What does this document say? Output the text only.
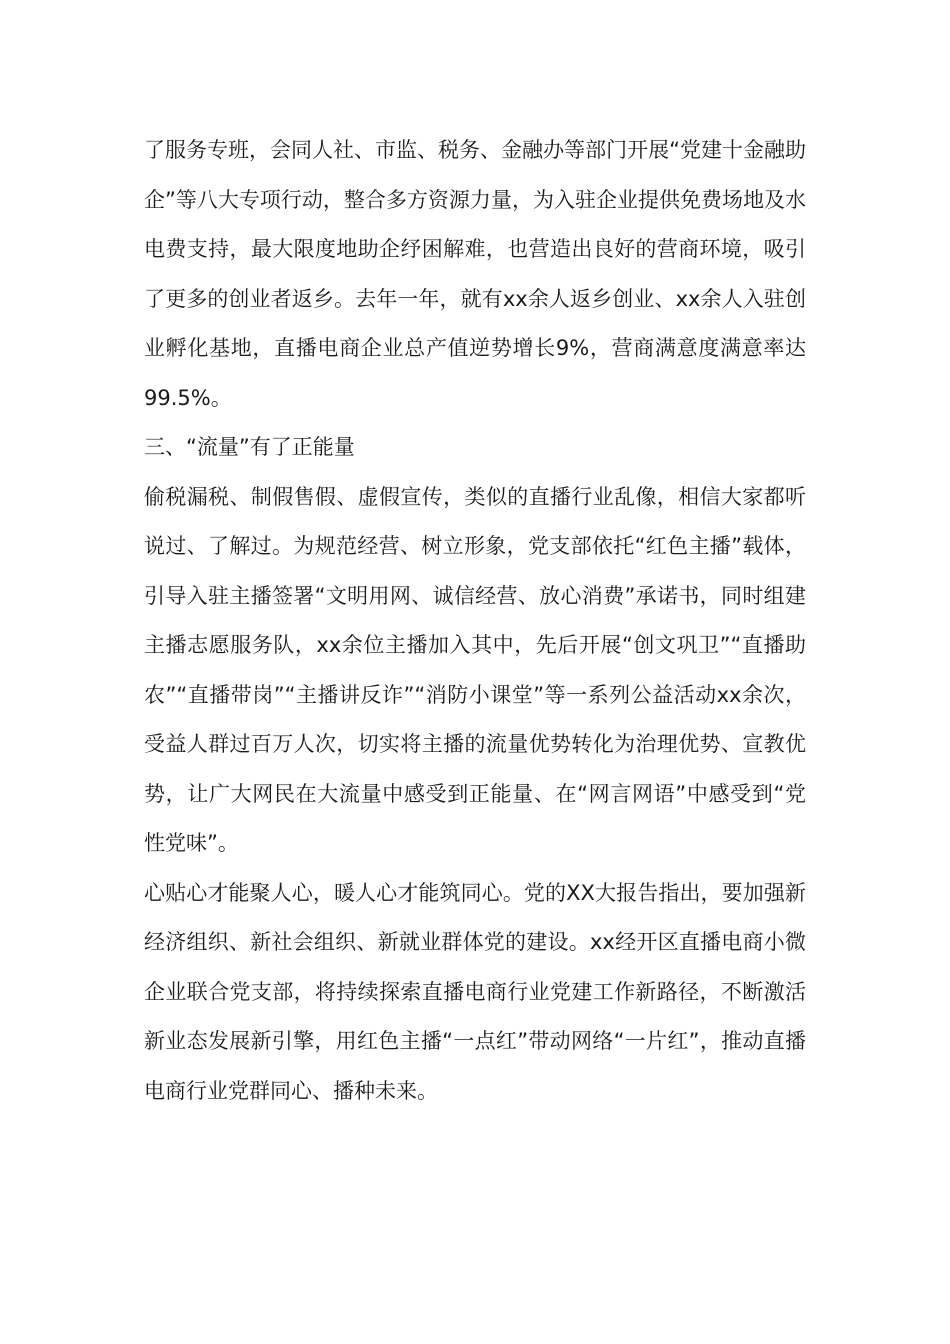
了服务专班，会同人社、市监、税务、金融办等部门开展“党建十金融助企”等八大专项行动，整合多方资源力量，为入驻企业提供免费场地及水电费支持，最大限度地助企纾困解难，也营造出良好的营商环境，吸引了更多的创业者返乡。去年一年，就有xx余人返乡创业、xx余人入驻创业孵化基地，直播电商企业总产值逆势增长9%，营商满意度满意率达99.5%。

三、“流量”有了正能量

偷税漏税、制假售假、虚假宣传，类似的直播行业乱像，相信大家都听说过、了解过。为规范经营、树立形象，党支部依托“红色主播”载体，引导入驻主播签署“文明用网、诚信经营、放心消费”承诺书，同时组建主播志愿服务队，xx余位主播加入其中，先后开展“创文巩卫”“直播助农”“直播带岗”“主播讲反诈”“消防小课堂”等一系列公益活动xx余次，受益人群过百万人次，切实将主播的流量优势转化为治理优势、宣教优势，让广大网民在大流量中感受到正能量、在“网言网语”中感受到“党性党味”。

心贴心才能聚人心，暖人心才能筑同心。党的XX大报告指出，要加强新经济组织、新社会组织、新就业群体党的建设。xx经开区直播电商小微企业联合党支部，将持续探索直播电商行业党建工作新路径，不断激活新业态发展新引擎，用红色主播“一点红”带动网络“一片红”，推动直播电商行业党群同心、播种未来。
